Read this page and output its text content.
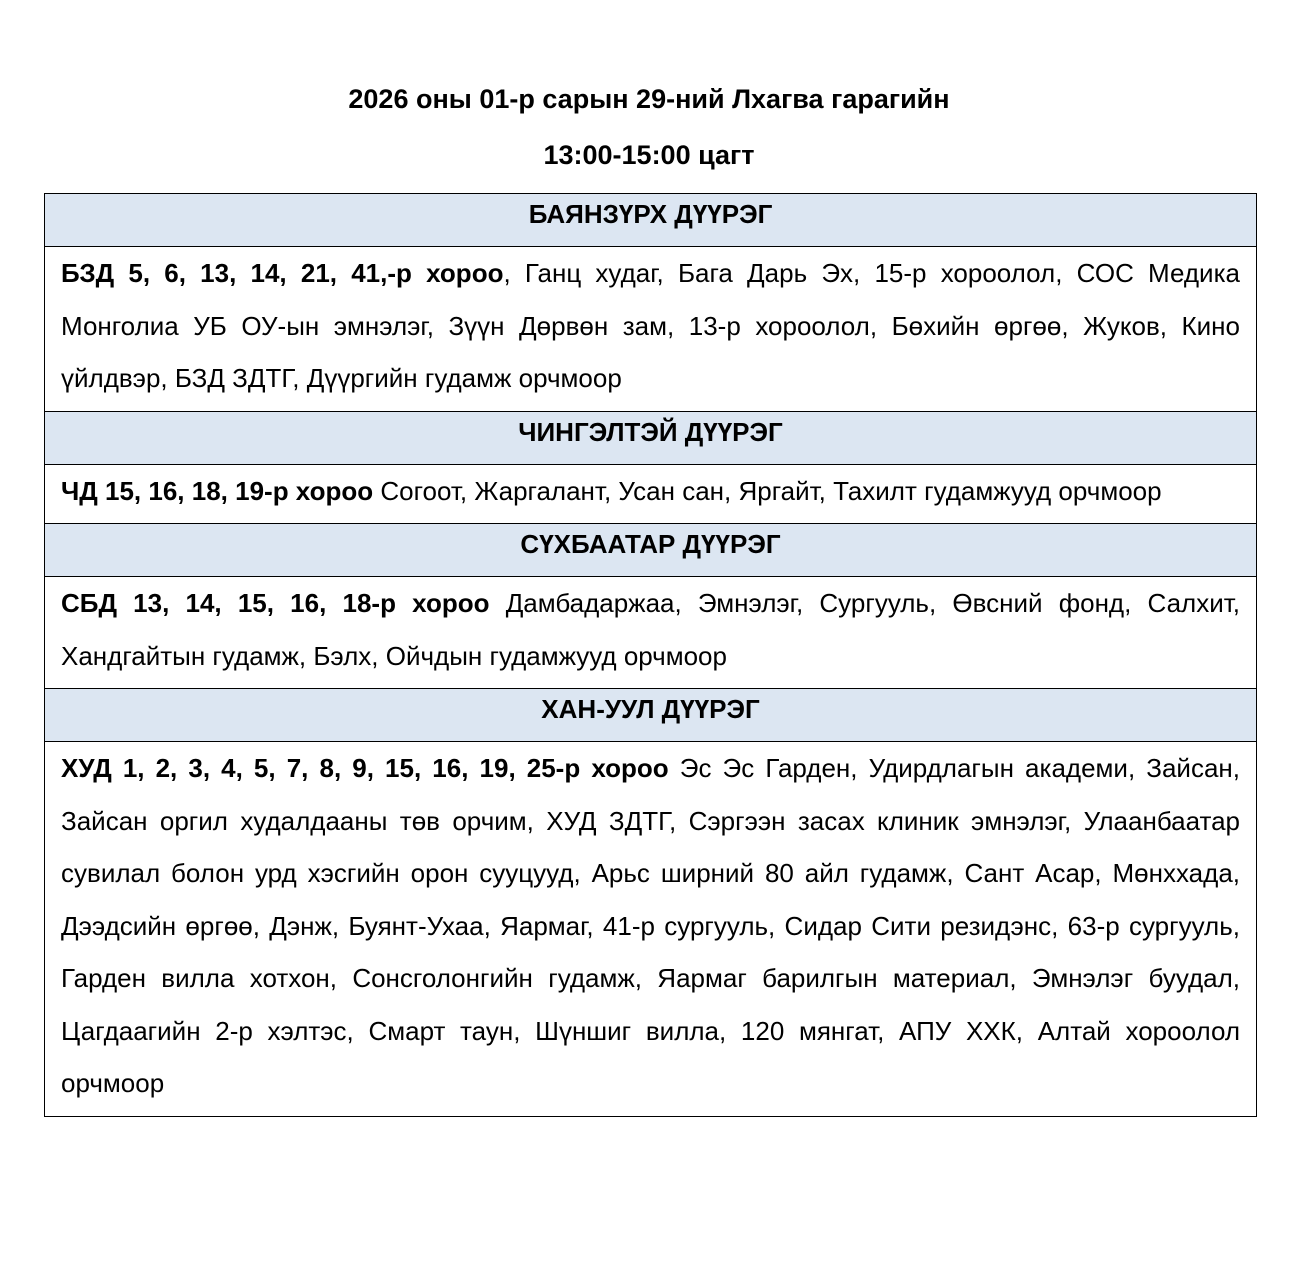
2026 оны 01-р сарын 29-ний Лхагва гарагийн
13:00-15:00 цагт
БАЯНЗҮРХ ДҮҮРЭГ
БЗД 5, 6, 13, 14, 21, 41,-р хороо, Ганц худаг, Бага Дарь Эх, 15-р хороолол, СОС Медика Монголиа УБ ОУ-ын эмнэлэг, Зүүн Дөрвөн зам, 13-р хороолол, Бөхийн өргөө, Жуков, Кино үйлдвэр, БЗД ЗДТГ, Дүүргийн гудамж орчмоор
ЧИНГЭЛТЭЙ ДҮҮРЭГ
ЧД 15, 16, 18, 19-р хороо Согоот, Жаргалант, Усан сан, Яргайт, Тахилт гудамжууд орчмоор
СҮХБААТАР ДҮҮРЭГ
СБД 13, 14, 15, 16, 18-р хороо Дамбадаржаа, Эмнэлэг, Сургууль, Өвсний фонд, Салхит, Хандгайтын гудамж, Бэлх, Ойчдын гудамжууд орчмоор
ХАН-УУЛ ДҮҮРЭГ
ХУД 1, 2, 3, 4, 5, 7, 8, 9, 15, 16, 19, 25-р хороо Эс Эс Гарден, Удирдлагын академи, Зайсан, Зайсан оргил худалдааны төв орчим, ХУД ЗДТГ, Сэргээн засах клиник эмнэлэг, Улаанбаатар сувилал болон урд хэсгийн орон сууцууд, Арьс ширний 80 айл гудамж, Сант Асар, Мөнххада, Дээдсийн өргөө, Дэнж, Буянт-Ухаа, Яармаг, 41-р сургууль, Сидар Сити резидэнс, 63-р сургууль, Гарден вилла хотхон, Сонсголонгийн гудамж, Яармаг барилгын материал, Эмнэлэг буудал, Цагдаагийн 2-р хэлтэс, Смарт таун, Шүншиг вилла, 120 мянгат, АПУ ХХК, Алтай хороолол орчмоор
